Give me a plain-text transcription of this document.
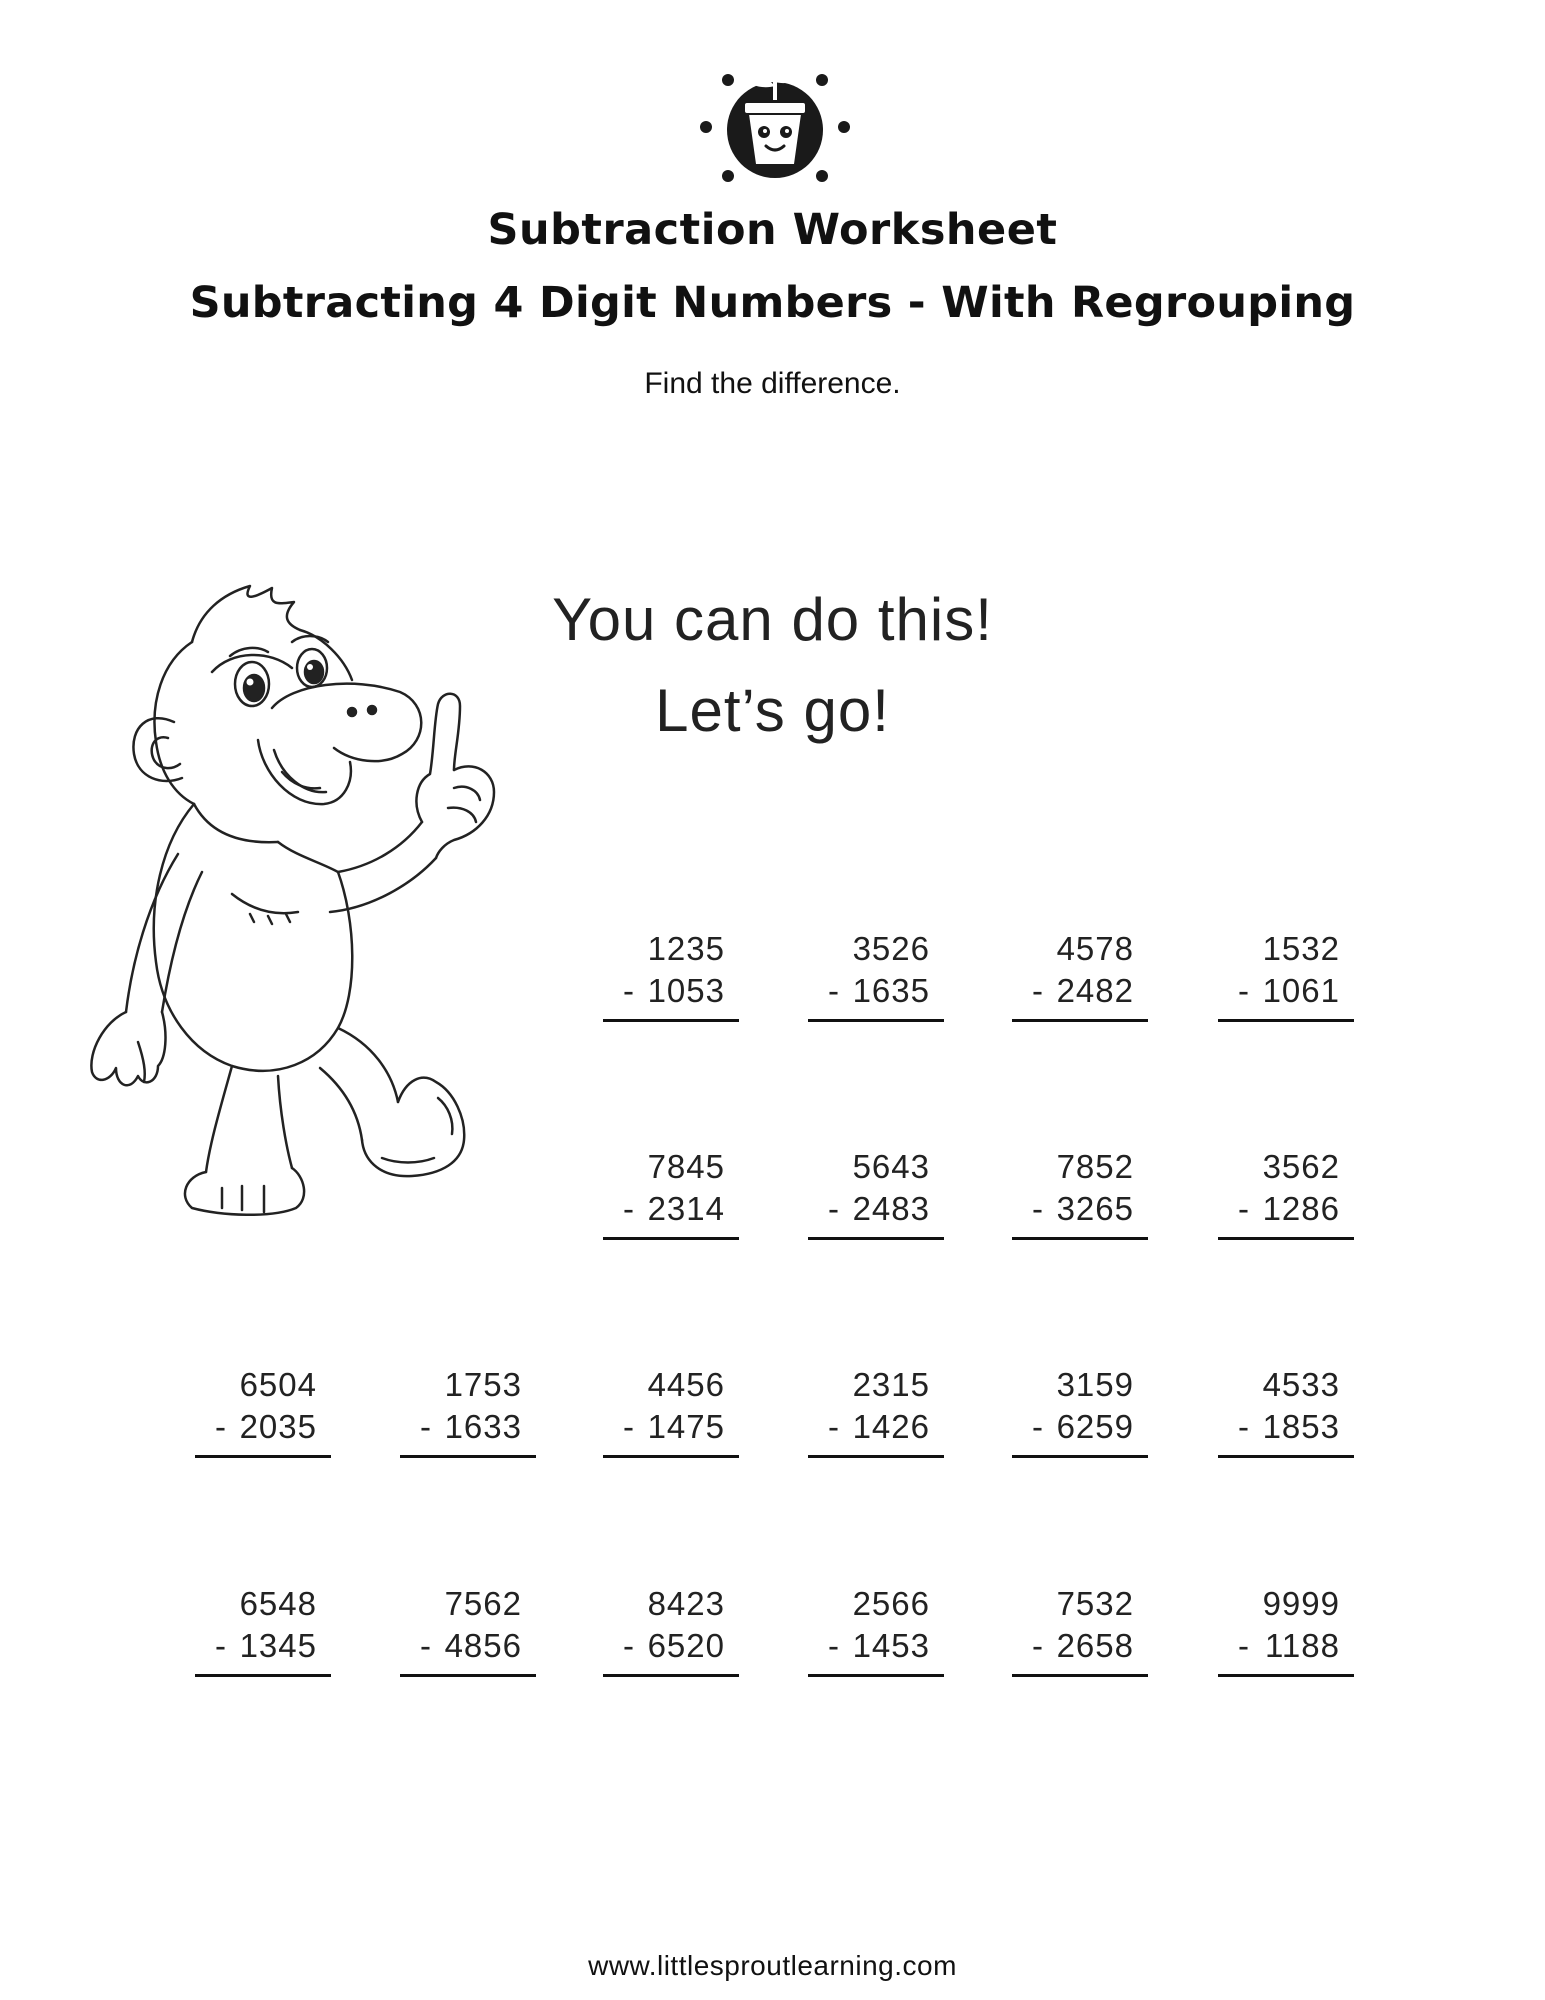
Subtraction Worksheet
Subtracting 4 Digit Numbers - With Regrouping
Find the difference.
You can do this!
Let’s go!
1235
- 1053
3526
- 1635
4578
- 2482
1532
- 1061
7845
- 2314
5643
- 2483
7852
- 3265
3562
- 1286
6504
- 2035
1753
- 1633
4456
- 1475
2315
- 1426
3159
- 6259
4533
- 1853
6548
- 1345
7562
- 4856
8423
- 6520
2566
- 1453
7532
- 2658
9999
- 1188
www.littlesproutlearning.com
